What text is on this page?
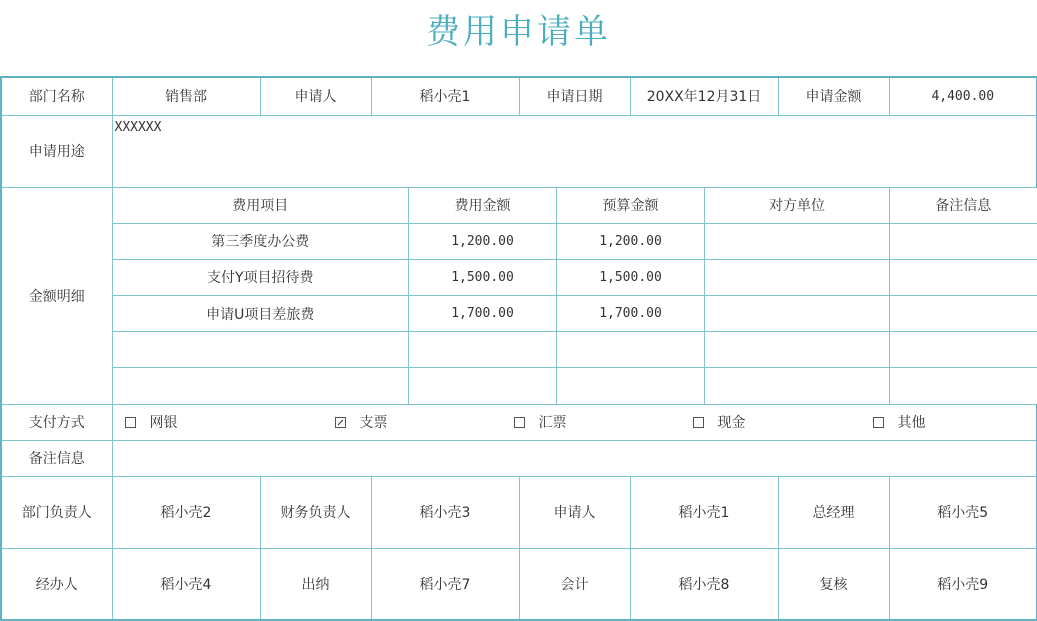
费用申请单
部门名称	销售部	申请人	稻小壳1	申请日期	20XX年12月31日	申请金额	4,400.00
申请用途	XXXXXX
金额明细	
费用项目	费用金额	预算金额	对方单位	备注信息
第三季度办公费	1,200.00	1,200.00		
支付Y项目招待费	1,500.00	1,500.00		
申请U项目差旅费	1,700.00	1,700.00		

支付方式	网银	支票	汇票	现金	其他

备注信息	
部门负责人	稻小壳2	财务负责人	稻小壳3	申请人	稻小壳1	总经理	稻小壳5
经办人	稻小壳4	出纳	稻小壳7	会计	稻小壳8	复核	稻小壳9
